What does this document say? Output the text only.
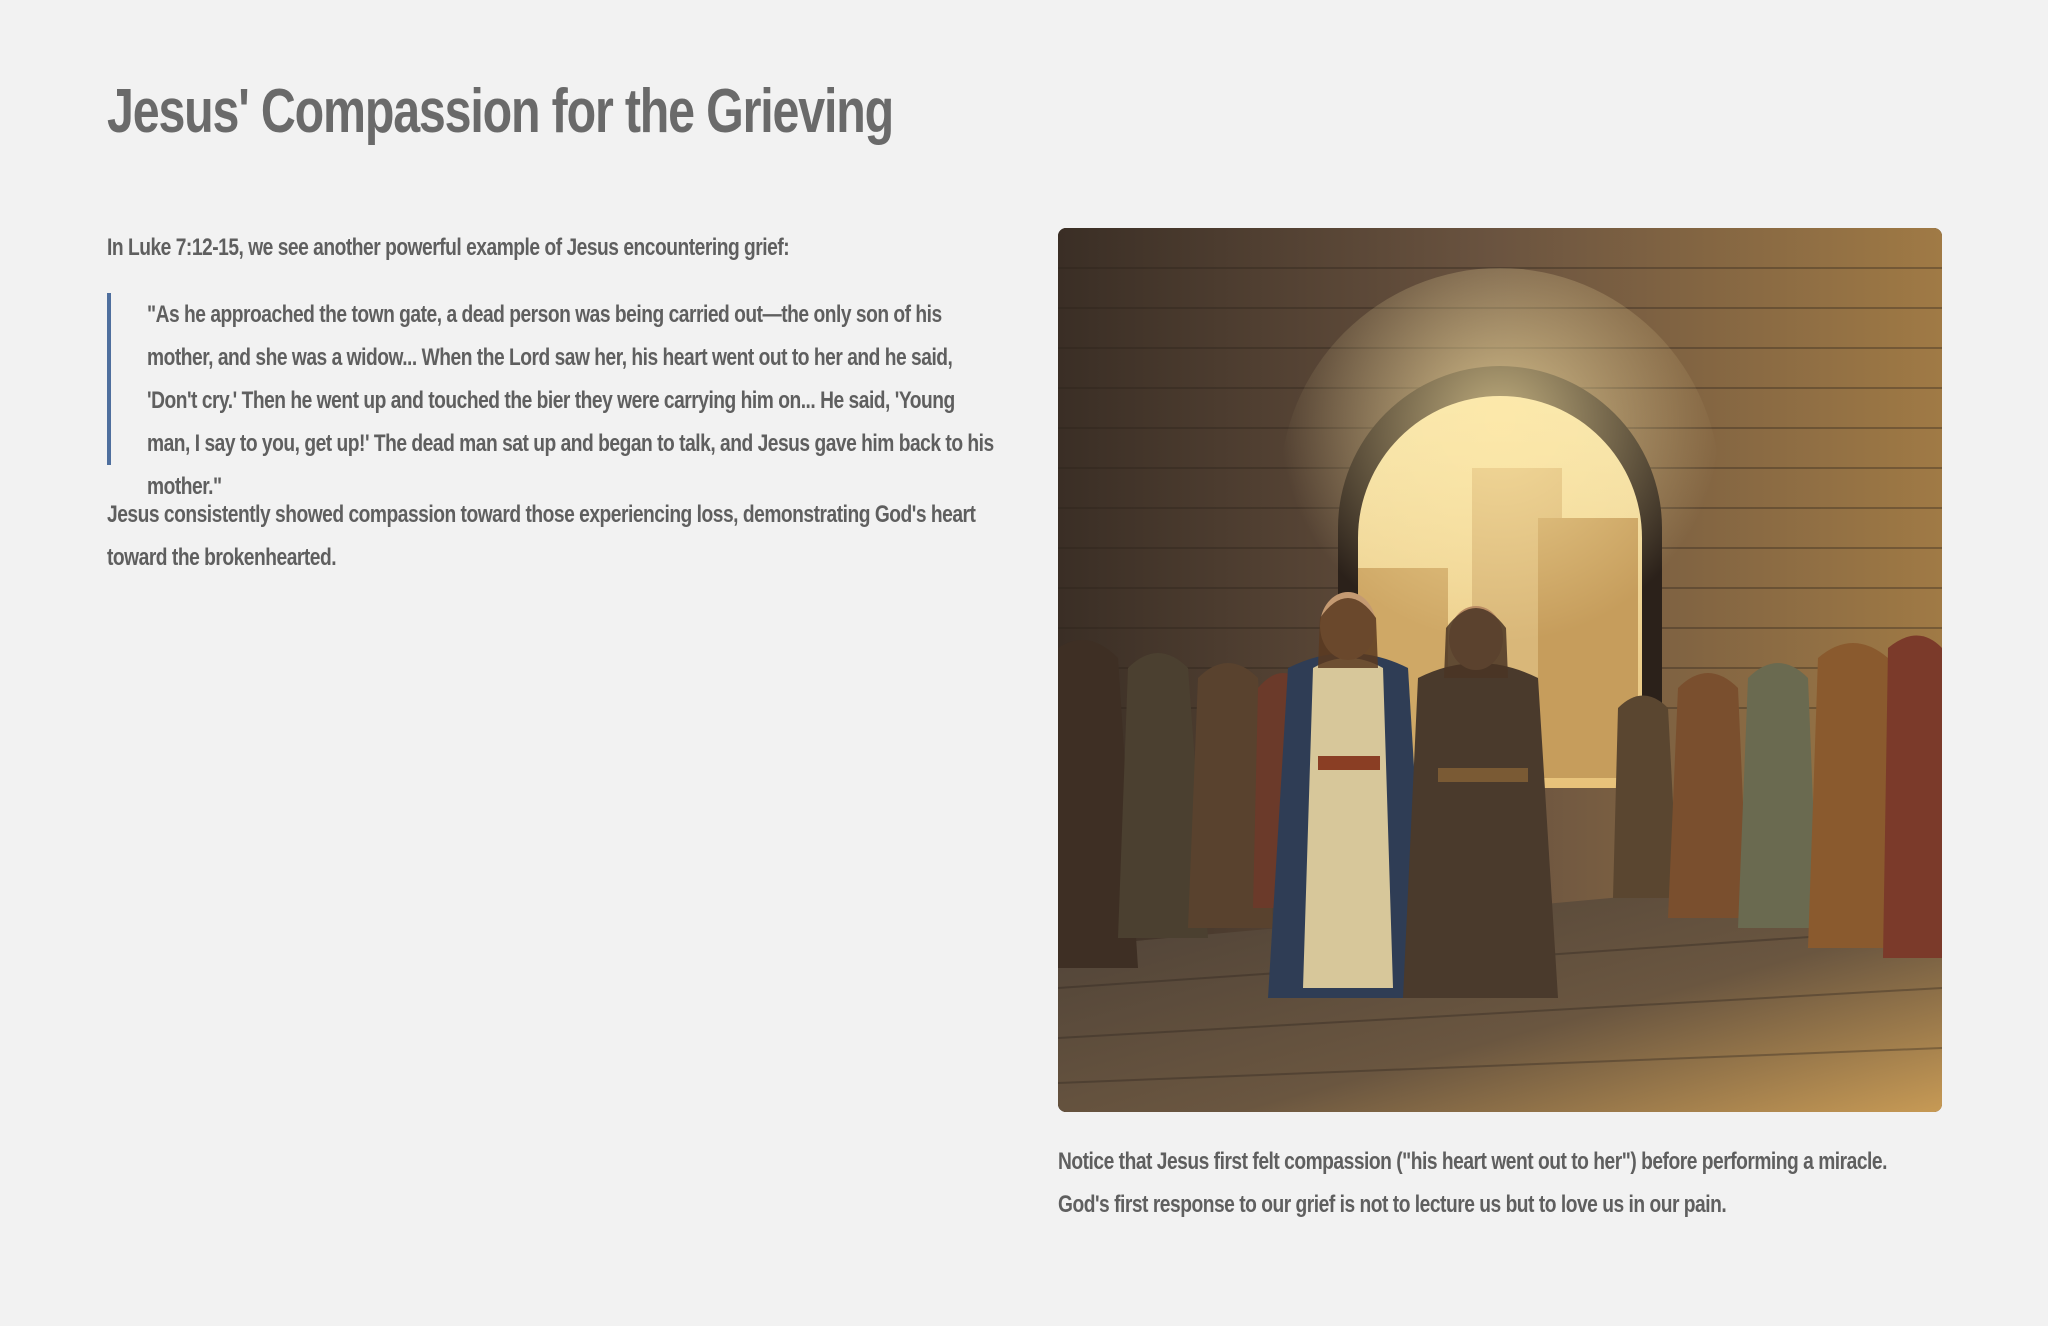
Jesus' Compassion for the Grieving

In Luke 7:12-15, we see another powerful example of Jesus encountering grief:

"As he approached the town gate, a dead person was being carried out—the only son of his mother, and she was a widow... When the Lord saw her, his heart went out to her and he said, 'Don't cry.' Then he went up and touched the bier they were carrying him on... He said, 'Young man, I say to you, get up!' The dead man sat up and began to talk, and Jesus gave him back to his mother."

Jesus consistently showed compassion toward those experiencing loss, demonstrating God's heart toward the brokenhearted.

Notice that Jesus first felt compassion ("his heart went out to her") before performing a miracle. God's first response to our grief is not to lecture us but to love us in our pain.
